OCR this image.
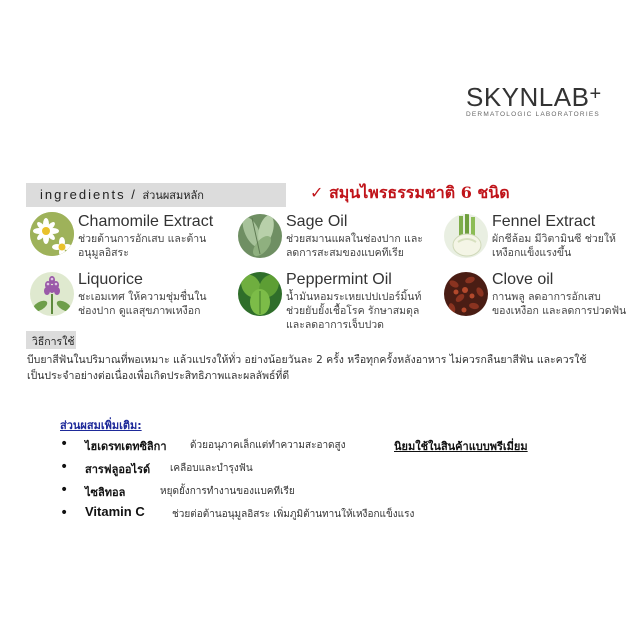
SKYNLAB+
DERMATOLOGIC LABORATORIES
ingredients / ส่วนผสมหลัก	✓ สมุนไพรธรรมชาติ 6 ชนิด
Chamomile Extract
ช่วยต้านการอักเสบ และต้าน
อนุมูลอิสระ
Sage Oil
ช่วยสมานแผลในช่องปาก และ
ลดการสะสมของแบคทีเรีย
Fennel Extract
ผักชีล้อม มีวิตามินซี ช่วยให้
เหงือกแข็งแรงขึ้น
Liquorice
ชะเอมเทศ ให้ความชุ่มชื่นใน
ช่องปาก ดูแลสุขภาพเหงือก
Peppermint Oil
น้ำมันหอมระเหยเปปเปอร์มิ้นท์
ช่วยยับยั้งเชื้อโรค รักษาสมดุล
และลดอาการเจ็บปวด
Clove oil
กานพลู ลดอาการอักเสบ
ของเหงือก และลดการปวดฟัน
วิธีการใช้
บีบยาสีฟันในปริมาณที่พอเหมาะ แล้วแปรงให้ทั่ว อย่างน้อยวันละ 2 ครั้ง หรือทุกครั้งหลังอาหาร ไม่ควรกลืนยาสีฟัน และควรใช้
เป็นประจำอย่างต่อเนื่องเพื่อเกิดประสิทธิภาพและผลลัพธ์ที่ดี
ส่วนผสมเพิ่มเติม:
• ไฮเดรทเตทซิลิกา ด้วยอนุภาคเล็กแต่ทำความสะอาดสูง	นิยมใช้ในสินค้าแบบพรีเมี่ยม
• สารฟลูออไรด์ เคลือบและบำรุงฟัน
• ไซลิทอล	หยุดยั้งการทำงานของแบคทีเรีย
• Vitamin C	ช่วยต่อต้านอนุมูลอิสระ เพิ่มภูมิต้านทานให้เหงือกแข็งแรง
